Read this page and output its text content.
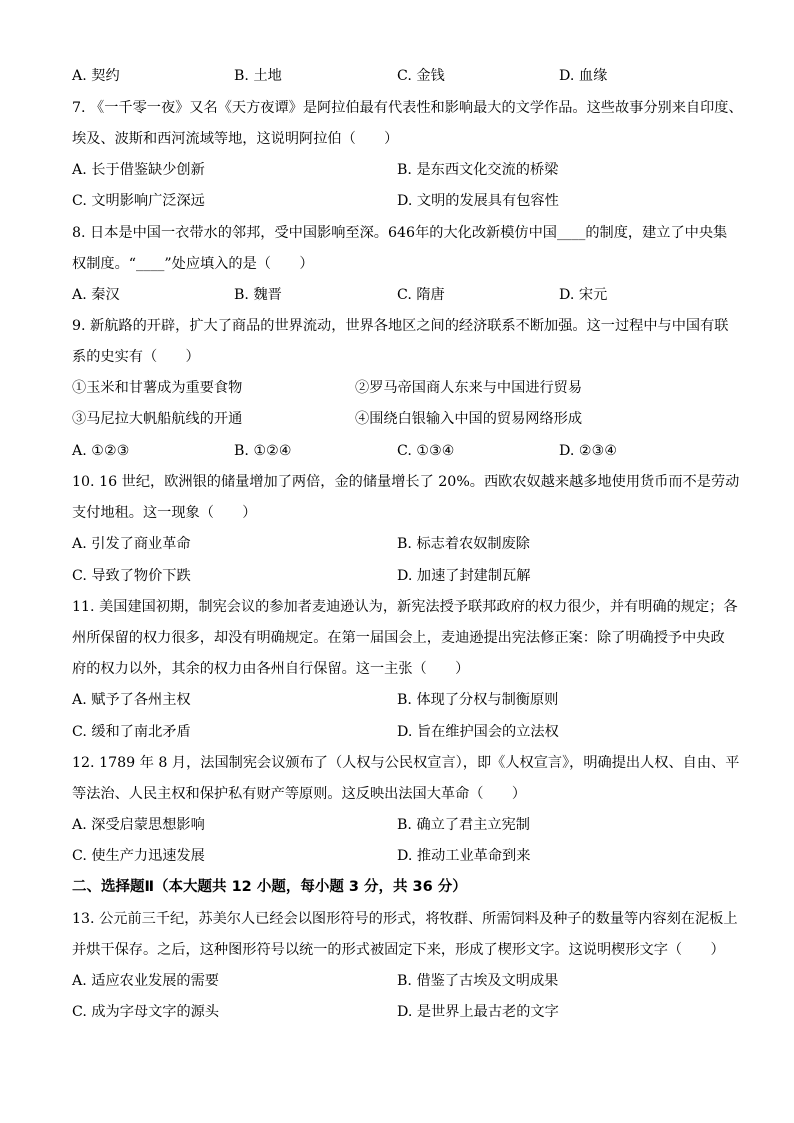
A. 契约	B. 土地	C. 金钱	D. 血缘
7. 《一千零一夜》又名《天方夜谭》是阿拉伯最有代表性和影响最大的文学作品。这些故事分别来自印度、
埃及、波斯和西河流域等地，这说明阿拉伯（　　）
A. 长于借鉴缺少创新	B. 是东西文化交流的桥梁
C. 文明影响广泛深远	D. 文明的发展具有包容性
8. 日本是中国一衣带水的邻邦，受中国影响至深。646年的大化改新模仿中国____的制度，建立了中央集
权制度。“____”处应填入的是（　　）
A. 秦汉	B. 魏晋	C. 隋唐	D. 宋元
9. 新航路的开辟，扩大了商品的世界流动，世界各地区之间的经济联系不断加强。这一过程中与中国有联
系的史实有（　　）
①玉米和甘薯成为重要食物	②罗马帝国商人东来与中国进行贸易
③马尼拉大帆船航线的开通	④围绕白银输入中国的贸易网络形成
A. ①②③	B. ①②④	C. ①③④	D. ②③④
10. 16 世纪，欧洲银的储量增加了两倍，金的储量增长了 20%。西欧农奴越来越多地使用货币而不是劳动
支付地租。这一现象（　　）
A. 引发了商业革命	B. 标志着农奴制废除
C. 导致了物价下跌	D. 加速了封建制瓦解
11. 美国建国初期，制宪会议的参加者麦迪逊认为，新宪法授予联邦政府的权力很少，并有明确的规定；各
州所保留的权力很多，却没有明确规定。在第一届国会上，麦迪逊提出宪法修正案：除了明确授予中央政
府的权力以外，其余的权力由各州自行保留。这一主张（　　）
A. 赋予了各州主权	B. 体现了分权与制衡原则
C. 缓和了南北矛盾	D. 旨在维护国会的立法权
12. 1789 年 8 月，法国制宪会议颁布了（人权与公民权宣言），即《人权宣言》，明确提出人权、自由、平
等法治、人民主权和保护私有财产等原则。这反映出法国大革命（　　）
A. 深受启蒙思想影响	B. 确立了君主立宪制
C. 使生产力迅速发展	D. 推动工业革命到来
二、选择题Ⅱ（本大题共 12 小题，每小题 3 分，共 36 分）
13. 公元前三千纪，苏美尔人已经会以图形符号的形式，将牧群、所需饲料及种子的数量等内容刻在泥板上
并烘干保存。之后，这种图形符号以统一的形式被固定下来，形成了楔形文字。这说明楔形文字（　　）
A. 适应农业发展的需要	B. 借鉴了古埃及文明成果
C. 成为字母文字的源头	D. 是世界上最古老的文字
